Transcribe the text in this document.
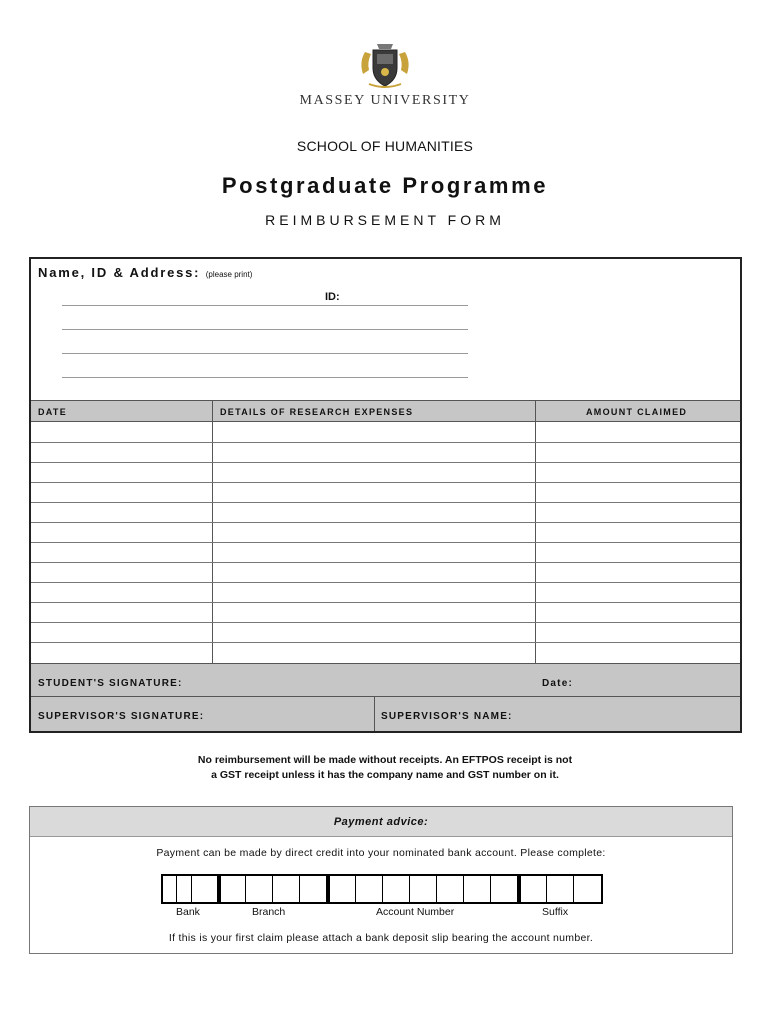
MASSEY UNIVERSITY
SCHOOL OF HUMANITIES
Postgraduate Programme
REIMBURSEMENT FORM
Name, ID & Address: (please print)
ID:
DATE	DETAILS OF RESEARCH EXPENSES	AMOUNT CLAIMED
STUDENT'S SIGNATURE:	Date:
SUPERVISOR'S SIGNATURE:	SUPERVISOR'S NAME:
No reimbursement will be made without receipts. An EFTPOS receipt is not
a GST receipt unless it has the company name and GST number on it.
Payment advice:
Payment can be made by direct credit into your nominated bank account. Please complete:
Bank	Branch	Account Number	Suffix
If this is your first claim please attach a bank deposit slip bearing the account number.
